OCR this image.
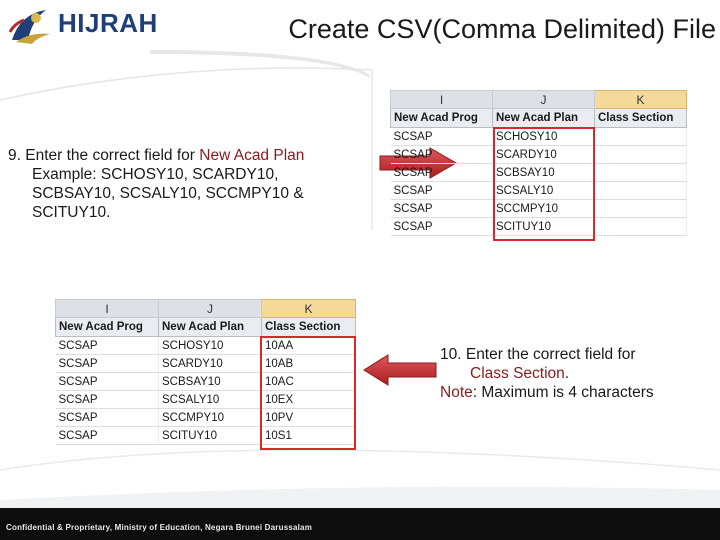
HIJRAH	Create CSV(Comma Delimited) File
9. Enter the correct field for New Acad Plan
Example: SCHOSY10, SCARDY10,
SCBSAY10, SCSALY10, SCCMPY10 &
SCITUY10.
I	J	K
New Acad Prog	New Acad Plan	Class Section
SCSAP	SCHOSY10	
SCSAP	SCARDY10	
SCSAP	SCBSAY10	
SCSAP	SCSALY10	
SCSAP	SCCMPY10	
SCSAP	SCITUY10	
I	J	K
New Acad Prog	New Acad Plan	Class Section
SCSAP	SCHOSY10	10AA
SCSAP	SCARDY10	10AB
SCSAP	SCBSAY10	10AC
SCSAP	SCSALY10	10EX
SCSAP	SCCMPY10	10PV
SCSAP	SCITUY10	10S1
10. Enter the correct field for
Class Section.
Note: Maximum is 4 characters
Confidential & Proprietary, Ministry of Education, Negara Brunei Darussalam
